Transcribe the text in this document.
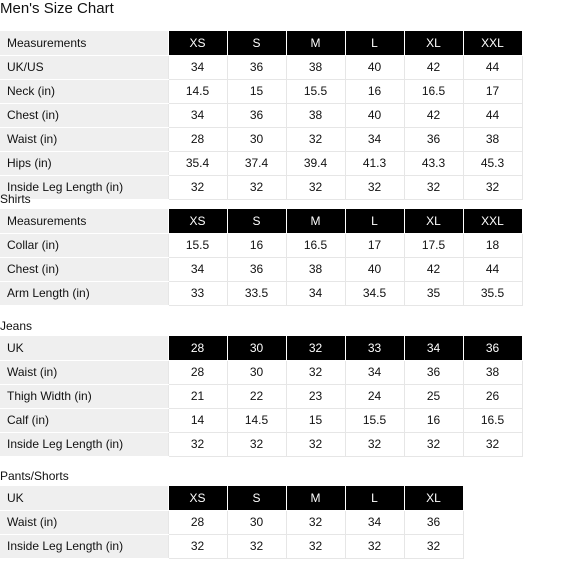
Men's Size Chart
Measurements	XS	S	M	L	XL	XXL
UK/US	34	36	38	40	42	44
Neck (in)	14.5	15	15.5	16	16.5	17
Chest (in)	34	36	38	40	42	44
Waist (in)	28	30	32	34	36	38
Hips (in)	35.4	37.4	39.4	41.3	43.3	45.3
Inside Leg Length (in)	32	32	32	32	32	32
Shirts
Measurements	XS	S	M	L	XL	XXL
Collar (in)	15.5	16	16.5	17	17.5	18
Chest (in)	34	36	38	40	42	44
Arm Length (in)	33	33.5	34	34.5	35	35.5
Jeans
UK	28	30	32	33	34	36
Waist (in)	28	30	32	34	36	38
Thigh Width (in)	21	22	23	24	25	26
Calf (in)	14	14.5	15	15.5	16	16.5
Inside Leg Length (in)	32	32	32	32	32	32
Pants/Shorts
UK	XS	S	M	L	XL
Waist (in)	28	30	32	34	36
Inside Leg Length (in)	32	32	32	32	32
